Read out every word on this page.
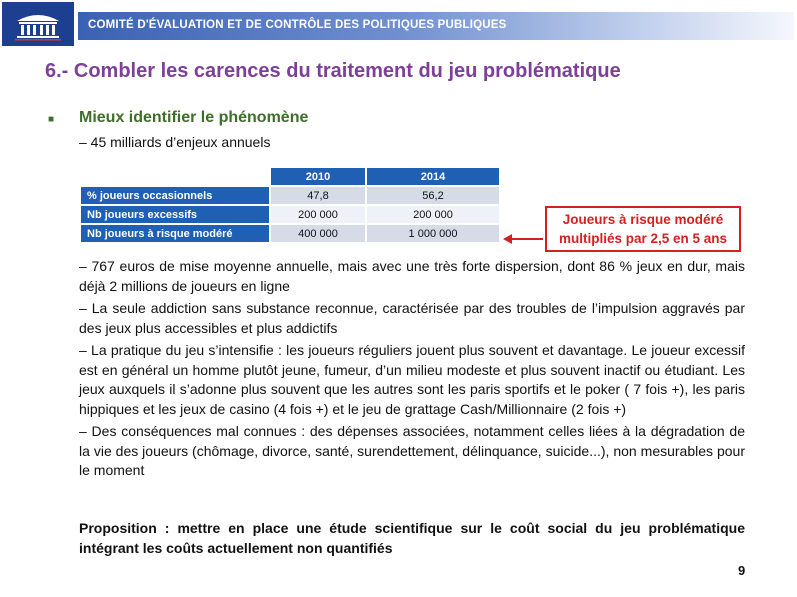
COMITÉ D'ÉVALUATION ET DE CONTRÔLE DES POLITIQUES PUBLIQUES
6.- Combler les carences du traitement du jeu problématique
■ Mieux identifier le phénomène
– 45 milliards d’enjeux annuels
	2010	2014
% joueurs occasionnels	47,8	56,2
Nb joueurs excessifs	200 000	200 000
Nb joueurs à risque modéré	400 000	1 000 000
Joueurs à risque modéré
multipliés par 2,5 en 5 ans

– 767 euros de mise moyenne annuelle, mais avec une très forte dispersion, dont 86 % jeux en dur, mais déjà 2 millions de joueurs en ligne

– La seule addiction sans substance reconnue, caractérisée par des troubles de l’impulsion aggravés par des jeux plus accessibles et plus addictifs

– La pratique du jeu s’intensifie : les joueurs réguliers jouent plus souvent et davantage. Le joueur excessif est en général un homme plutôt jeune, fumeur, d’un milieu modeste et plus souvent inactif ou étudiant. Les jeux auxquels il s’adonne plus souvent que les autres sont les paris sportifs et le poker ( 7 fois +), les paris hippiques et les jeux de casino (4 fois +) et le jeu de grattage Cash/Millionnaire (2 fois +)

– Des conséquences mal connues : des dépenses associées, notamment celles liées à la dégradation de la vie des joueurs (chômage, divorce, santé, surendettement, délinquance, suicide...), non mesurables pour le moment

Proposition : mettre en place une étude scientifique sur le coût social du jeu problématique intégrant les coûts actuellement non quantifiés
9
